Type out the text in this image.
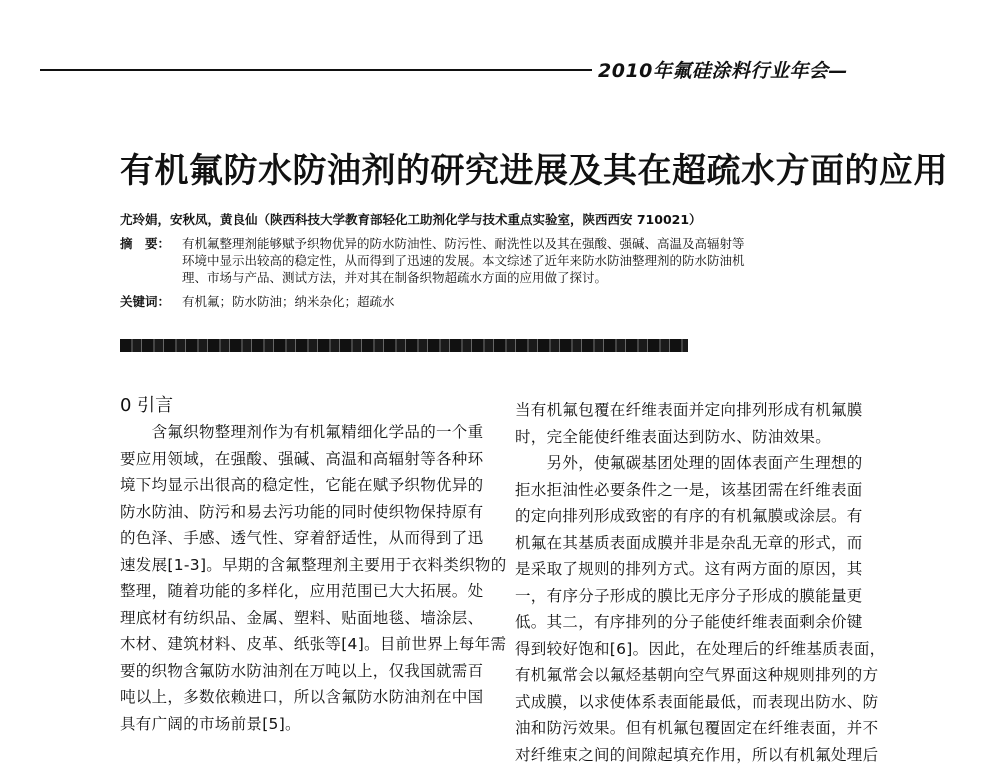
2010年氟硅涂料行业年会—
有机氟防水防油剂的研究进展及其在超疏水方面的应用
尤玲娟，安秋凤，黄良仙（陕西科技大学教育部轻化工助剂化学与技术重点实验室，陕西西安 710021）
摘　要： 有机氟整理剂能够赋予织物优异的防水防油性、防污性、耐洗性以及其在强酸、强碱、高温及高辐射等
环境中显示出较高的稳定性，从而得到了迅速的发展。本文综述了近年来防水防油整理剂的防水防油机
理、市场与产品、测试方法，并对其在制备织物超疏水方面的应用做了探讨。
关键词： 有机氟；防水防油；纳米杂化；超疏水
0 引言
　　含氟织物整理剂作为有机氟精细化学品的一个重
要应用领域，在强酸、强碱、高温和高辐射等各种环
境下均显示出很高的稳定性，它能在赋予织物优异的
防水防油、防污和易去污功能的同时使织物保持原有
的色泽、手感、透气性、穿着舒适性，从而得到了迅
速发展[1-3]。早期的含氟整理剂主要用于衣料类织物的
整理，随着功能的多样化，应用范围已大大拓展。处
理底材有纺织品、金属、塑料、贴面地毯、墙涂层、
木材、建筑材料、皮革、纸张等[4]。目前世界上每年需
要的织物含氟防水防油剂在万吨以上，仅我国就需百
吨以上，多数依赖进口，所以含氟防水防油剂在中国
具有广阔的市场前景[5]。
当有机氟包覆在纤维表面并定向排列形成有机氟膜
时，完全能使纤维表面达到防水、防油效果。
　　另外，使氟碳基团处理的固体表面产生理想的
拒水拒油性必要条件之一是，该基团需在纤维表面
的定向排列形成致密的有序的有机氟膜或涂层。有
机氟在其基质表面成膜并非是杂乱无章的形式，而
是采取了规则的排列方式。这有两方面的原因，其
一，有序分子形成的膜比无序分子形成的膜能量更
低。其二，有序排列的分子能使纤维表面剩余价键
得到较好饱和[6]。因此，在处理后的纤维基质表面，
有机氟常会以氟烃基朝向空气界面这种规则排列的方
式成膜，以求使体系表面能最低，而表现出防水、防
油和防污效果。但有机氟包覆固定在纤维表面，并不
对纤维束之间的间隙起填充作用，所以有机氟处理后
